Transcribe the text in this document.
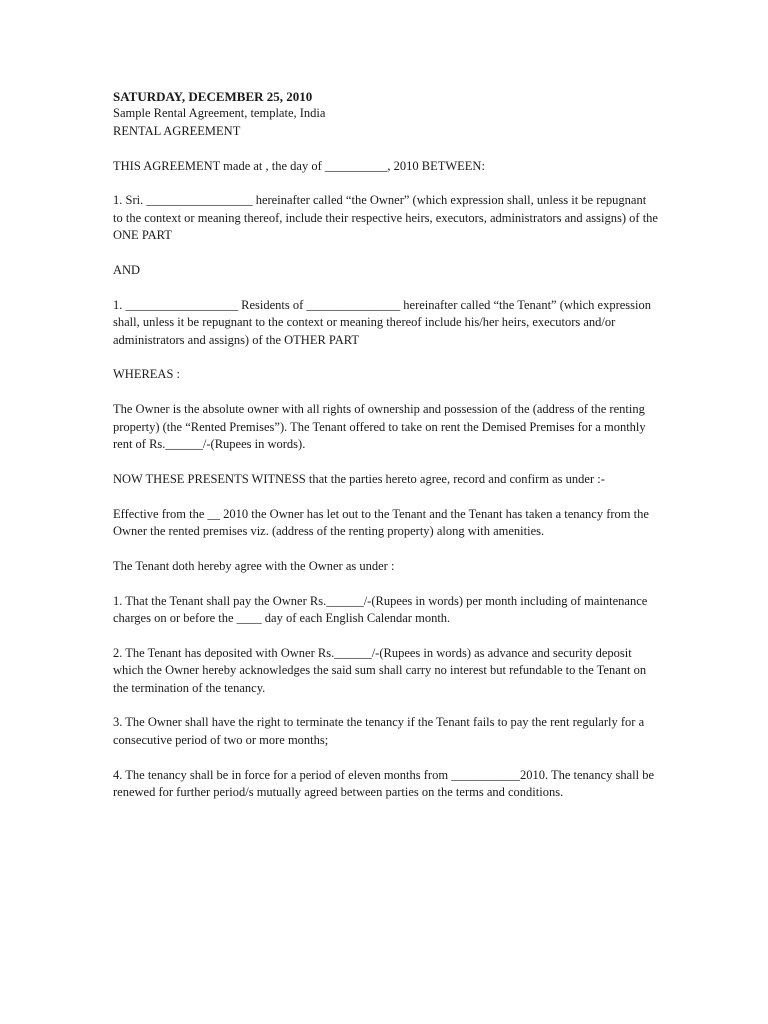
SATURDAY, DECEMBER 25, 2010

Sample Rental Agreement, template, India

RENTAL AGREEMENT

THIS AGREEMENT made at , the day of __________, 2010 BETWEEN:

1. Sri. _________________ hereinafter called “the Owner” (which expression shall, unless it be repugnant to the context or meaning thereof, include their respective heirs, executors, administrators and assigns) of the ONE PART

AND

1. __________________ Residents of _______________ hereinafter called “the Tenant” (which expression shall, unless it be repugnant to the context or meaning thereof include his/her heirs, executors and/or administrators and assigns) of the OTHER PART

WHEREAS :

The Owner is the absolute owner with all rights of ownership and possession of the (address of the renting property) (the “Rented Premises”). The Tenant offered to take on rent the Demised Premises for a monthly rent of Rs.______/-(Rupees in words).

NOW THESE PRESENTS WITNESS that the parties hereto agree, record and confirm as under :-

Effective from the __ 2010 the Owner has let out to the Tenant and the Tenant has taken a tenancy from the Owner the rented premises viz. (address of the renting property) along with amenities.

The Tenant doth hereby agree with the Owner as under :

1. That the Tenant shall pay the Owner Rs.______/-(Rupees in words) per month including of maintenance charges on or before the ____ day of each English Calendar month.

2. The Tenant has deposited with Owner Rs.______/-(Rupees in words) as advance and security deposit which the Owner hereby acknowledges the said sum shall carry no interest but refundable to the Tenant on the termination of the tenancy.

3. The Owner shall have the right to terminate the tenancy if the Tenant fails to pay the rent regularly for a consecutive period of two or more months;

4. The tenancy shall be in force for a period of eleven months from ___________2010. The tenancy shall be renewed for further period/s mutually agreed between parties on the terms and conditions.
